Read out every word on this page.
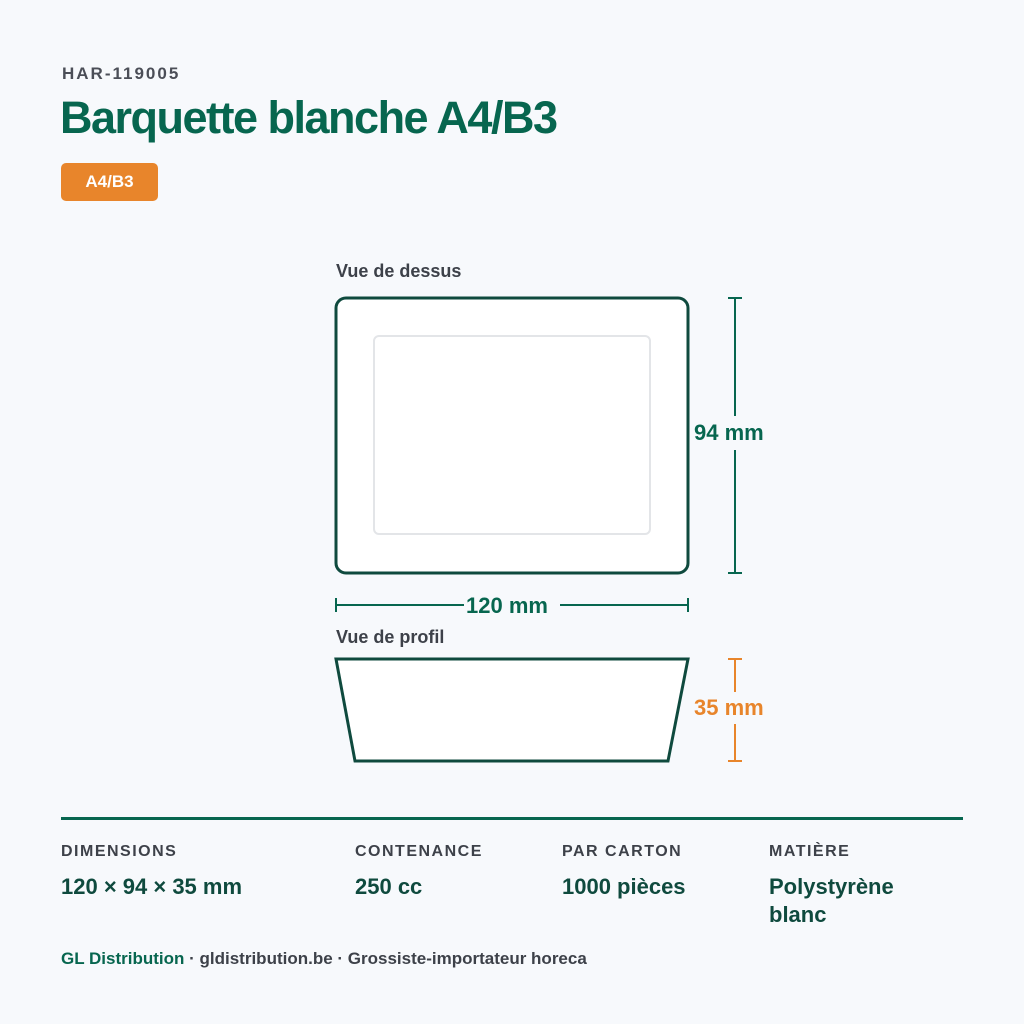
HAR-119005
Barquette blanche A4/B3
A4/B3
Vue de dessus
94 mm
120 mm
Vue de profil
35 mm
DIMENSIONS
120 × 94 × 35 mm
CONTENANCE
250 cc
PAR CARTON
1000 pièces
MATIÈRE
Polystyrène blanc
GL Distribution · gldistribution.be · Grossiste-importateur horeca
